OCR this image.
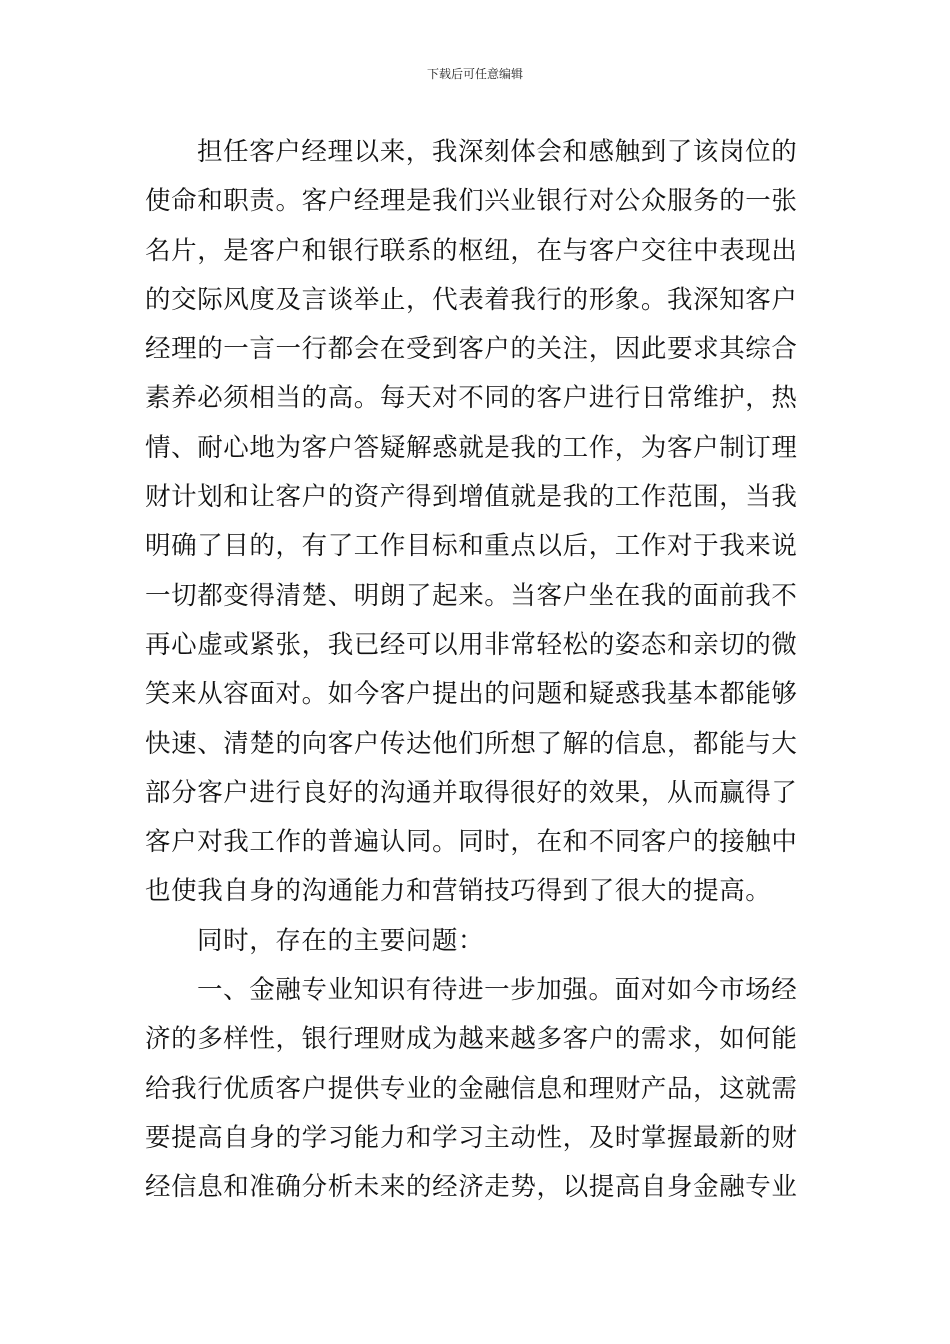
下载后可任意编辑
担任客户经理以来，我深刻体会和感触到了该岗位的
使命和职责。客户经理是我们兴业银行对公众服务的一张
名片，是客户和银行联系的枢纽，在与客户交往中表现出
的交际风度及言谈举止，代表着我行的形象。我深知客户
经理的一言一行都会在受到客户的关注，因此要求其综合
素养必须相当的高。每天对不同的客户进行日常维护，热
情、耐心地为客户答疑解惑就是我的工作，为客户制订理
财计划和让客户的资产得到增值就是我的工作范围，当我
明确了目的，有了工作目标和重点以后，工作对于我来说
一切都变得清楚、明朗了起来。当客户坐在我的面前我不
再心虚或紧张，我已经可以用非常轻松的姿态和亲切的微
笑来从容面对。如今客户提出的问题和疑惑我基本都能够
快速、清楚的向客户传达他们所想了解的信息，都能与大
部分客户进行良好的沟通并取得很好的效果，从而赢得了
客户对我工作的普遍认同。同时，在和不同客户的接触中
也使我自身的沟通能力和营销技巧得到了很大的提高。
同时，存在的主要问题：
一、金融专业知识有待进一步加强。面对如今市场经
济的多样性，银行理财成为越来越多客户的需求，如何能
给我行优质客户提供专业的金融信息和理财产品，这就需
要提高自身的学习能力和学习主动性，及时掌握最新的财
经信息和准确分析未来的经济走势，以提高自身金融专业
